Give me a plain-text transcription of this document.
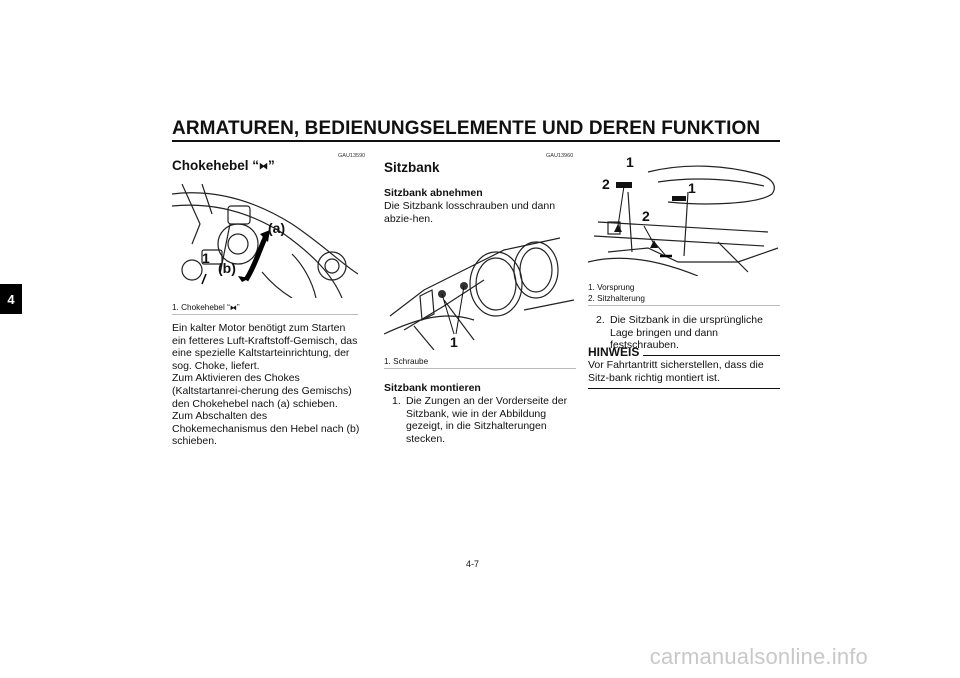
ARMATUREN, BEDIENUNGSELEMENTE UND DEREN FUNKTION
4
GAU13590
Chokehebel “⧓”
(a)
(b)
1
1. Chokehebel “⧓”
Ein kalter Motor benötigt zum Starten ein fetteres Luft-Kraftstoff-Gemisch, das eine spezielle Kaltstarteinrichtung, der sog. Choke, liefert.
Zum Aktivieren des Chokes (Kaltstartanrei-cherung des Gemischs) den Chokehebel nach (a) schieben.
Zum Abschalten des Chokemechanismus den Hebel nach (b) schieben.
GAU13960
Sitzbank
Sitzbank abnehmen
Die Sitzbank losschrauben und dann abzie-hen.
1
1. Schraube
Sitzbank montieren
1. Die Zungen an der Vorderseite der Sitzbank, wie in der Abbildung gezeigt, in die Sitzhalterungen stecken.
1
2	1
2
1. Vorsprung
2. Sitzhalterung
2. Die Sitzbank in die ursprüngliche Lage bringen und dann festschrauben.
HINWEIS
Vor Fahrtantritt sicherstellen, dass die Sitz-bank richtig montiert ist.
4-7
carmanualsonline.info
